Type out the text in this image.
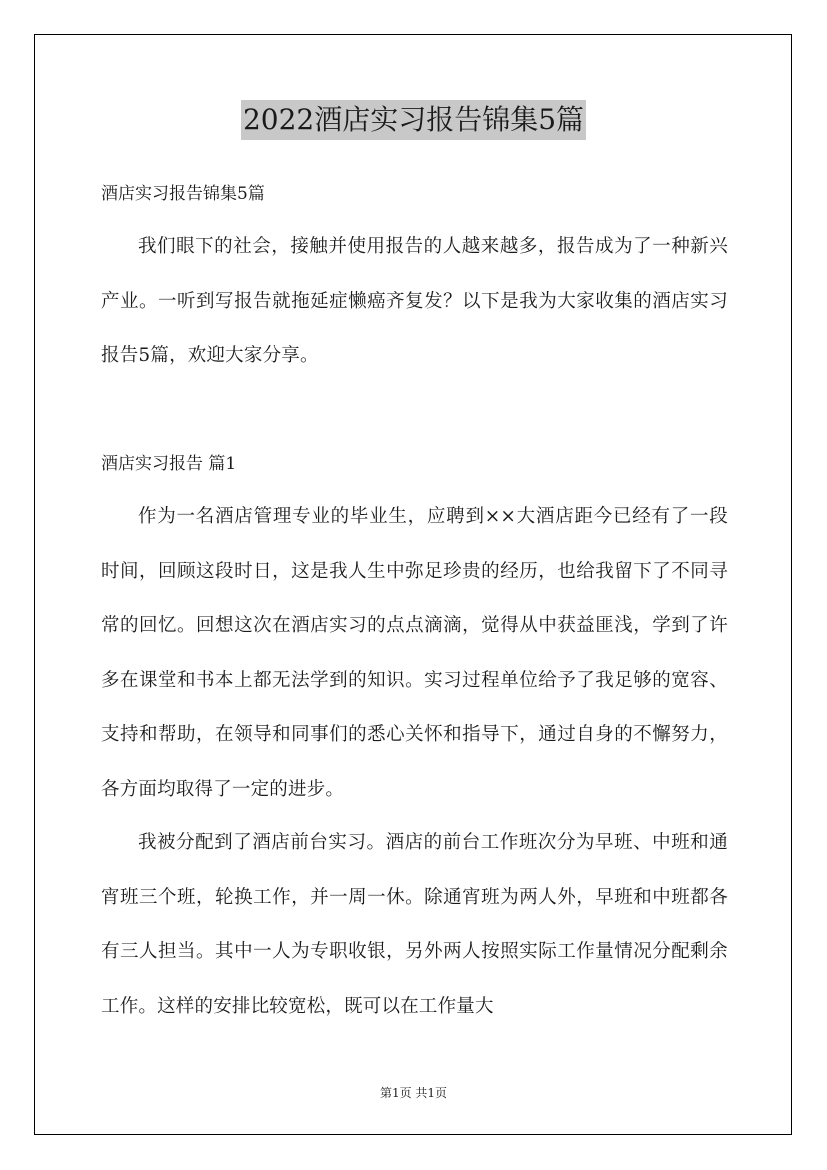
2022酒店实习报告锦集5篇

酒店实习报告锦集5篇

我们眼下的社会，接触并使用报告的人越来越多，报告成为了一种新兴产业。一听到写报告就拖延症懒癌齐复发？以下是我为大家收集的酒店实习报告5篇，欢迎大家分享。

酒店实习报告 篇1

作为一名酒店管理专业的毕业生，应聘到××大酒店距今已经有了一段时间，回顾这段时日，这是我人生中弥足珍贵的经历，也给我留下了不同寻常的回忆。回想这次在酒店实习的点点滴滴，觉得从中获益匪浅，学到了许多在课堂和书本上都无法学到的知识。实习过程单位给予了我足够的宽容、支持和帮助，在领导和同事们的悉心关怀和指导下，通过自身的不懈努力，各方面均取得了一定的进步。

我被分配到了酒店前台实习。酒店的前台工作班次分为早班、中班和通宵班三个班，轮换工作，并一周一休。除通宵班为两人外，早班和中班都各有三人担当。其中一人为专职收银，另外两人按照实际工作量情况分配剩余工作。这样的安排比较宽松，既可以在工作量大

第1页 共1页
